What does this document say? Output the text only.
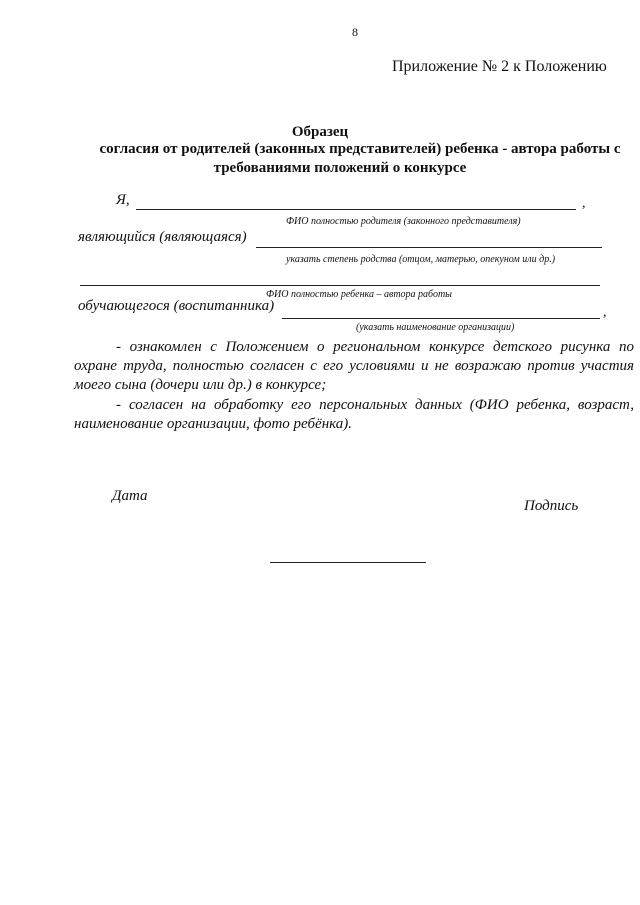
8
Приложение № 2 к Положению
Образец
согласия от родителей (законных представителей) ребенка - автора работы с
требованиями положений о конкурсе
Я,	,
ФИО полностью родителя (законного представителя)
являющийся (являющаяся)
указать степень родства (отцом, матерью, опекуном или др.)
ФИО полностью ребенка – автора работы
обучающегося (воспитанника)	,
(указать наименование организации)
- ознакомлен с Положением о региональном конкурсе детского рисунка по охране труда, полностью согласен с его условиями и не возражаю против участия моего сына (дочери или др.) в конкурсе;
- согласен на обработку его персональных данных (ФИО ребенка, возраст, наименование организации, фото ребёнка).
Дата
Подпись
